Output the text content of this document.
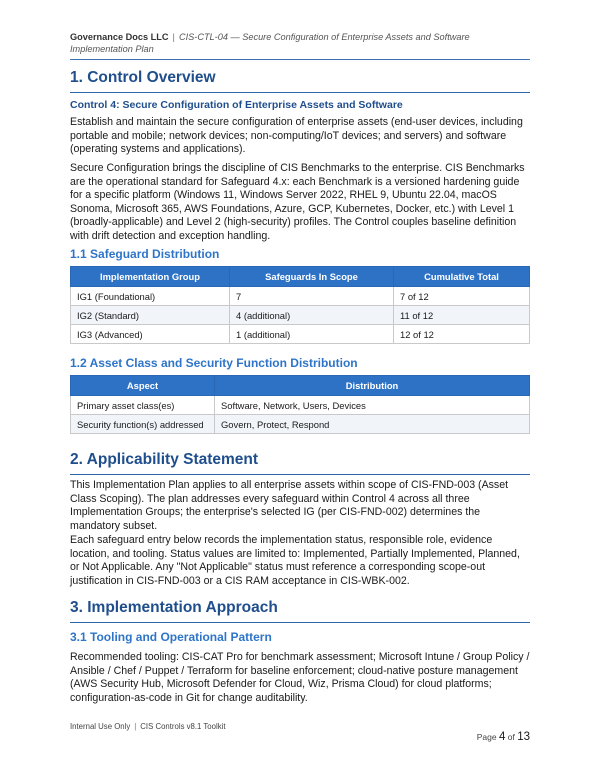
Governance Docs LLC | CIS-CTL-04 — Secure Configuration of Enterprise Assets and Software Implementation Plan
1. Control Overview
Control 4: Secure Configuration of Enterprise Assets and Software

Establish and maintain the secure configuration of enterprise assets (end-user devices, including portable and mobile; network devices; non-computing/IoT devices; and servers) and software (operating systems and applications).

Secure Configuration brings the discipline of CIS Benchmarks to the enterprise. CIS Benchmarks are the operational standard for Safeguard 4.x: each Benchmark is a versioned hardening guide for a specific platform (Windows 11, Windows Server 2022, RHEL 9, Ubuntu 22.04, macOS Sonoma, Microsoft 365, AWS Foundations, Azure, GCP, Kubernetes, Docker, etc.) with Level 1 (broadly-applicable) and Level 2 (high-security) profiles. The Control couples baseline definition with drift detection and exception handling.

1.1 Safeguard Distribution
Implementation Group	Safeguards In Scope	Cumulative Total
IG1 (Foundational)	7	7 of 12
IG2 (Standard)	4 (additional)	11 of 12
IG3 (Advanced)	1 (additional)	12 of 12
1.2 Asset Class and Security Function Distribution
Aspect	Distribution
Primary asset class(es)	Software, Network, Users, Devices
Security function(s) addressed	Govern, Protect, Respond
2. Applicability Statement

This Implementation Plan applies to all enterprise assets within scope of CIS-FND-003 (Asset Class Scoping). The plan addresses every safeguard within Control 4 across all three Implementation Groups; the enterprise's selected IG (per CIS-FND-002) determines the mandatory subset.

Each safeguard entry below records the implementation status, responsible role, evidence location, and tooling. Status values are limited to: Implemented, Partially Implemented, Planned, or Not Applicable. Any "Not Applicable" status must reference a corresponding scope-out justification in CIS-FND-003 or a CIS RAM acceptance in CIS-WBK-002.

3. Implementation Approach
3.1 Tooling and Operational Pattern

Recommended tooling: CIS-CAT Pro for benchmark assessment; Microsoft Intune / Group Policy / Ansible / Chef / Puppet / Terraform for baseline enforcement; cloud-native posture management (AWS Security Hub, Microsoft Defender for Cloud, Wiz, Prisma Cloud) for cloud platforms; configuration-as-code in Git for change auditability.

Internal Use Only | CIS Controls v8.1 Toolkit
Page 4 of 13
